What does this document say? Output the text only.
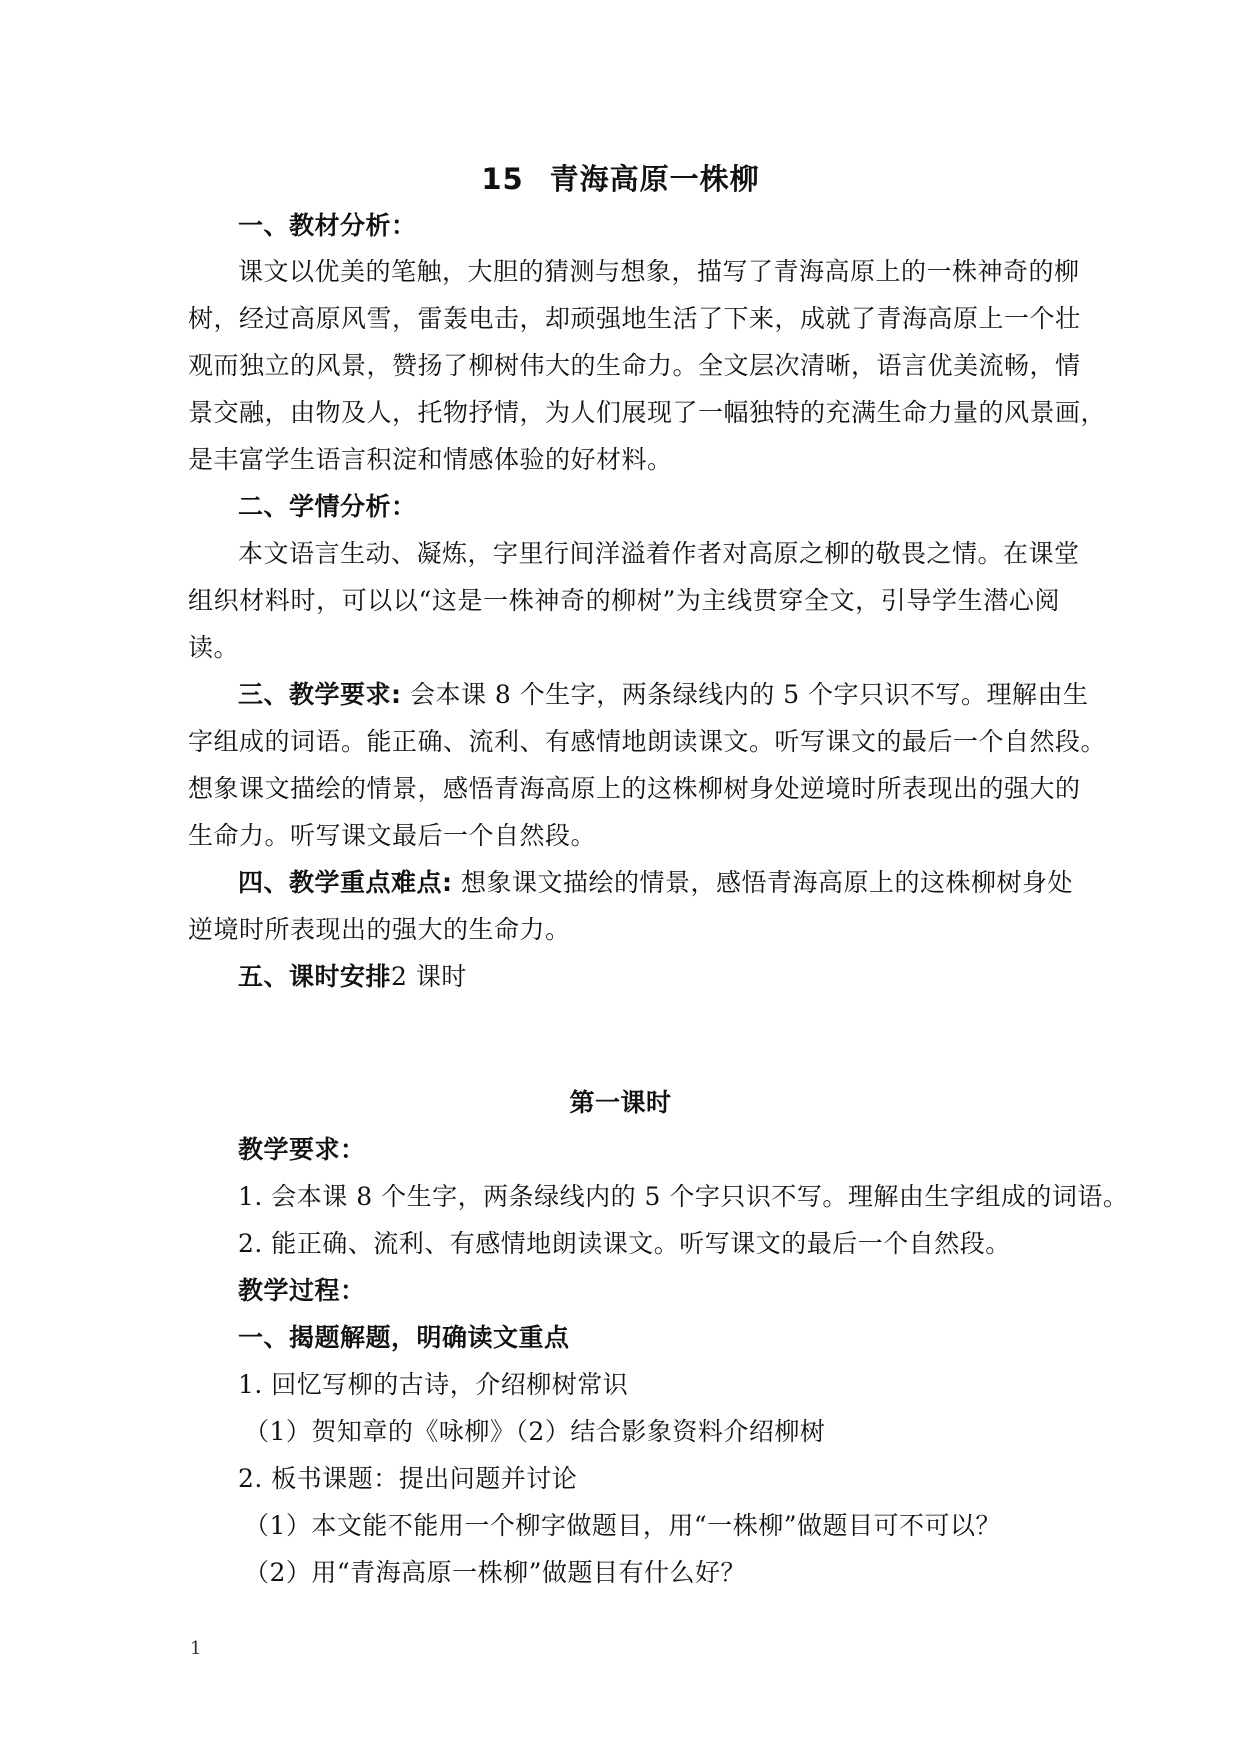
15 青海高原一株柳
一、教材分析：
课文以优美的笔触，大胆的猜测与想象，描写了青海高原上的一株神奇的柳
树，经过高原风雪，雷轰电击，却顽强地生活了下来，成就了青海高原上一个壮
观而独立的风景，赞扬了柳树伟大的生命力。全文层次清晰，语言优美流畅，情
景交融，由物及人，托物抒情，为人们展现了一幅独特的充满生命力量的风景画，
是丰富学生语言积淀和情感体验的好材料。
二、学情分析：
本文语言生动、凝炼，字里行间洋溢着作者对高原之柳的敬畏之情。在课堂
组织材料时，可以以“这是一株神奇的柳树”为主线贯穿全文，引导学生潜心阅
读。
三、教学要求: 会本课 8 个生字，两条绿线内的 5 个字只识不写。理解由生
字组成的词语。能正确、流利、有感情地朗读课文。听写课文的最后一个自然段。
想象课文描绘的情景，感悟青海高原上的这株柳树身处逆境时所表现出的强大的
生命力。听写课文最后一个自然段。
四、教学重点难点: 想象课文描绘的情景，感悟青海高原上的这株柳树身处
逆境时所表现出的强大的生命力。
五、课时安排2 课时
第一课时
教学要求：
1. 会本课 8 个生字，两条绿线内的 5 个字只识不写。理解由生字组成的词语。
2. 能正确、流利、有感情地朗读课文。听写课文的最后一个自然段。
教学过程：
一、揭题解题，明确读文重点
1. 回忆写柳的古诗，介绍柳树常识
（1）贺知章的《咏柳》（2）结合影象资料介绍柳树
2. 板书课题：提出问题并讨论
（1）本文能不能用一个柳字做题目，用“一株柳”做题目可不可以？
（2）用“青海高原一株柳”做题目有什么好？
1
